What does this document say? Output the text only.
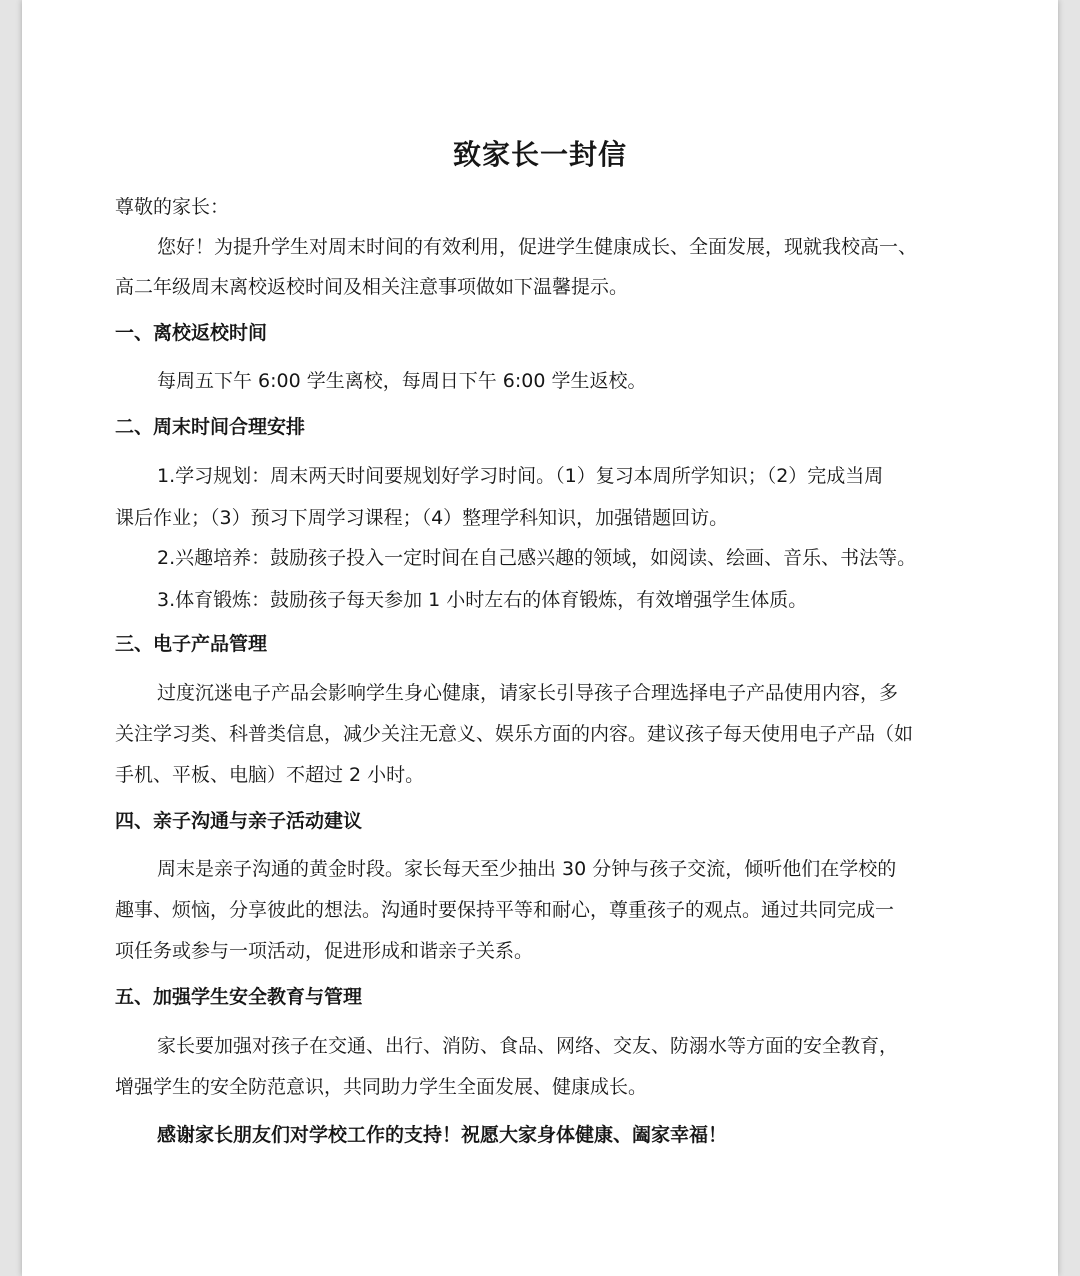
致家长一封信
尊敬的家长：
您好！为提升学生对周末时间的有效利用，促进学生健康成长、全面发展，现就我校高一、
高二年级周末离校返校时间及相关注意事项做如下温馨提示。
一、离校返校时间
每周五下午 6:00 学生离校，每周日下午 6:00 学生返校。
二、周末时间合理安排
1.学习规划：周末两天时间要规划好学习时间。（1）复习本周所学知识；（2）完成当周
课后作业；（3）预习下周学习课程；（4）整理学科知识，加强错题回访。
2.兴趣培养：鼓励孩子投入一定时间在自己感兴趣的领域，如阅读、绘画、音乐、书法等。
3.体育锻炼：鼓励孩子每天参加 1 小时左右的体育锻炼，有效增强学生体质。
三、电子产品管理
过度沉迷电子产品会影响学生身心健康，请家长引导孩子合理选择电子产品使用内容，多
关注学习类、科普类信息，减少关注无意义、娱乐方面的内容。建议孩子每天使用电子产品（如
手机、平板、电脑）不超过 2 小时。
四、亲子沟通与亲子活动建议
周末是亲子沟通的黄金时段。家长每天至少抽出 30 分钟与孩子交流，倾听他们在学校的
趣事、烦恼，分享彼此的想法。沟通时要保持平等和耐心，尊重孩子的观点。通过共同完成一
项任务或参与一项活动，促进形成和谐亲子关系。
五、加强学生安全教育与管理
家长要加强对孩子在交通、出行、消防、食品、网络、交友、防溺水等方面的安全教育，
增强学生的安全防范意识，共同助力学生全面发展、健康成长。
感谢家长朋友们对学校工作的支持！祝愿大家身体健康、阖家幸福！
